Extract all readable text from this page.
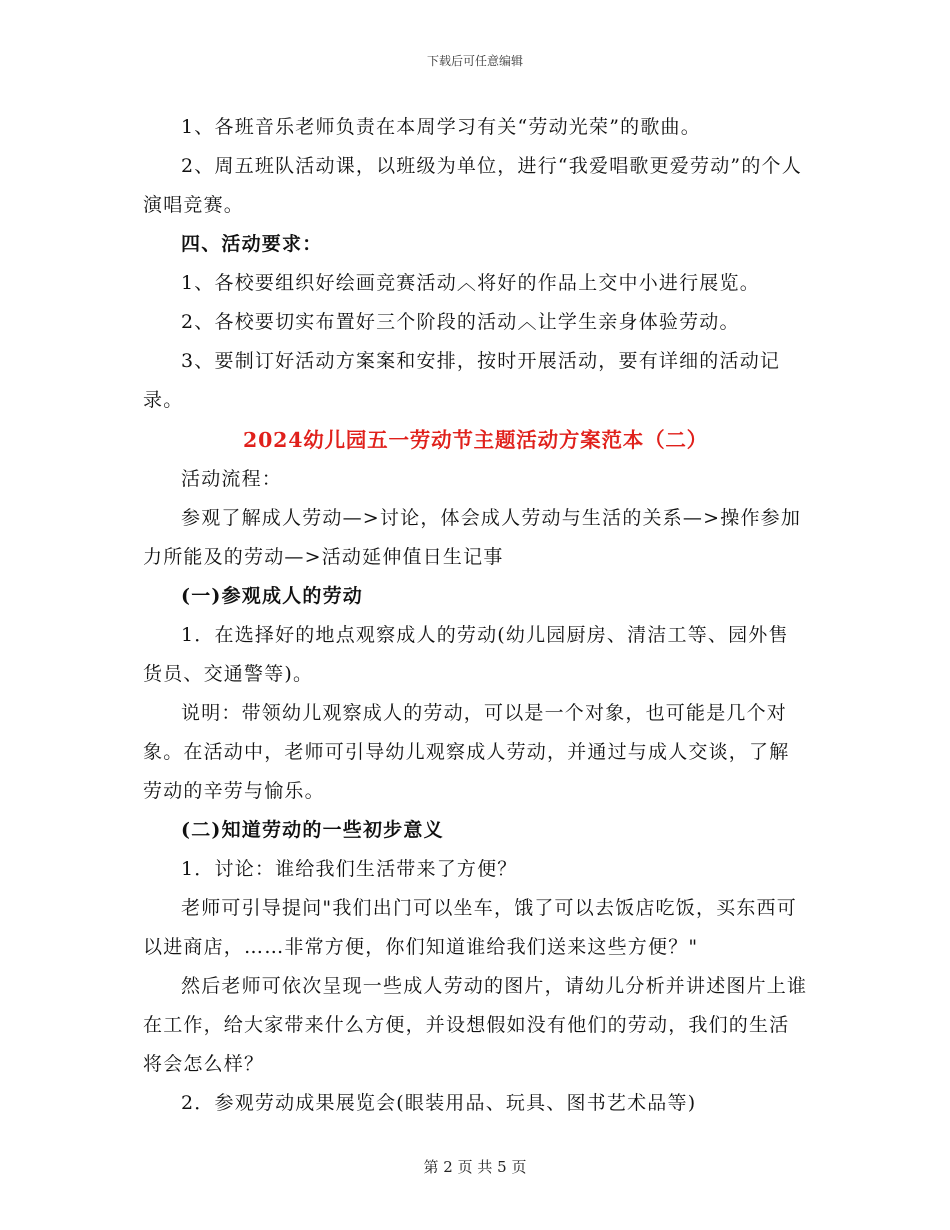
下载后可任意编辑

1、各班音乐老师负责在本周学习有关“劳动光荣”的歌曲。

2、周五班队活动课，以班级为单位，进行“我爱唱歌更爱劳动”的个人演唱竞赛。

四、活动要求：

1、各校要组织好绘画竞赛活动︿将好的作品上交中小进行展览。

2、各校要切实布置好三个阶段的活动︿让学生亲身体验劳动。

3、要制订好活动方案案和安排，按时开展活动，要有详细的活动记录。

2024幼儿园五一劳动节主题活动方案范本（二）

活动流程：

参观了解成人劳动—>讨论，体会成人劳动与生活的关系—>操作参加力所能及的劳动—>活动延伸值日生记事

(一)参观成人的劳动

1．在选择好的地点观察成人的劳动(幼儿园厨房、清洁工等、园外售货员、交通警等)。

说明：带领幼儿观察成人的劳动，可以是一个对象，也可能是几个对象。在活动中，老师可引导幼儿观察成人劳动，并通过与成人交谈，了解劳动的辛劳与愉乐。

(二)知道劳动的一些初步意义

1．讨论：谁给我们生活带来了方便？

老师可引导提问"我们出门可以坐车，饿了可以去饭店吃饭，买东西可以进商店，……非常方便，你们知道谁给我们送来这些方便？"

然后老师可依次呈现一些成人劳动的图片，请幼儿分析并讲述图片上谁在工作，给大家带来什么方便，并设想假如没有他们的劳动，我们的生活将会怎么样？

2．参观劳动成果展览会(眼装用品、玩具、图书艺术品等)

第 2 页 共 5 页
